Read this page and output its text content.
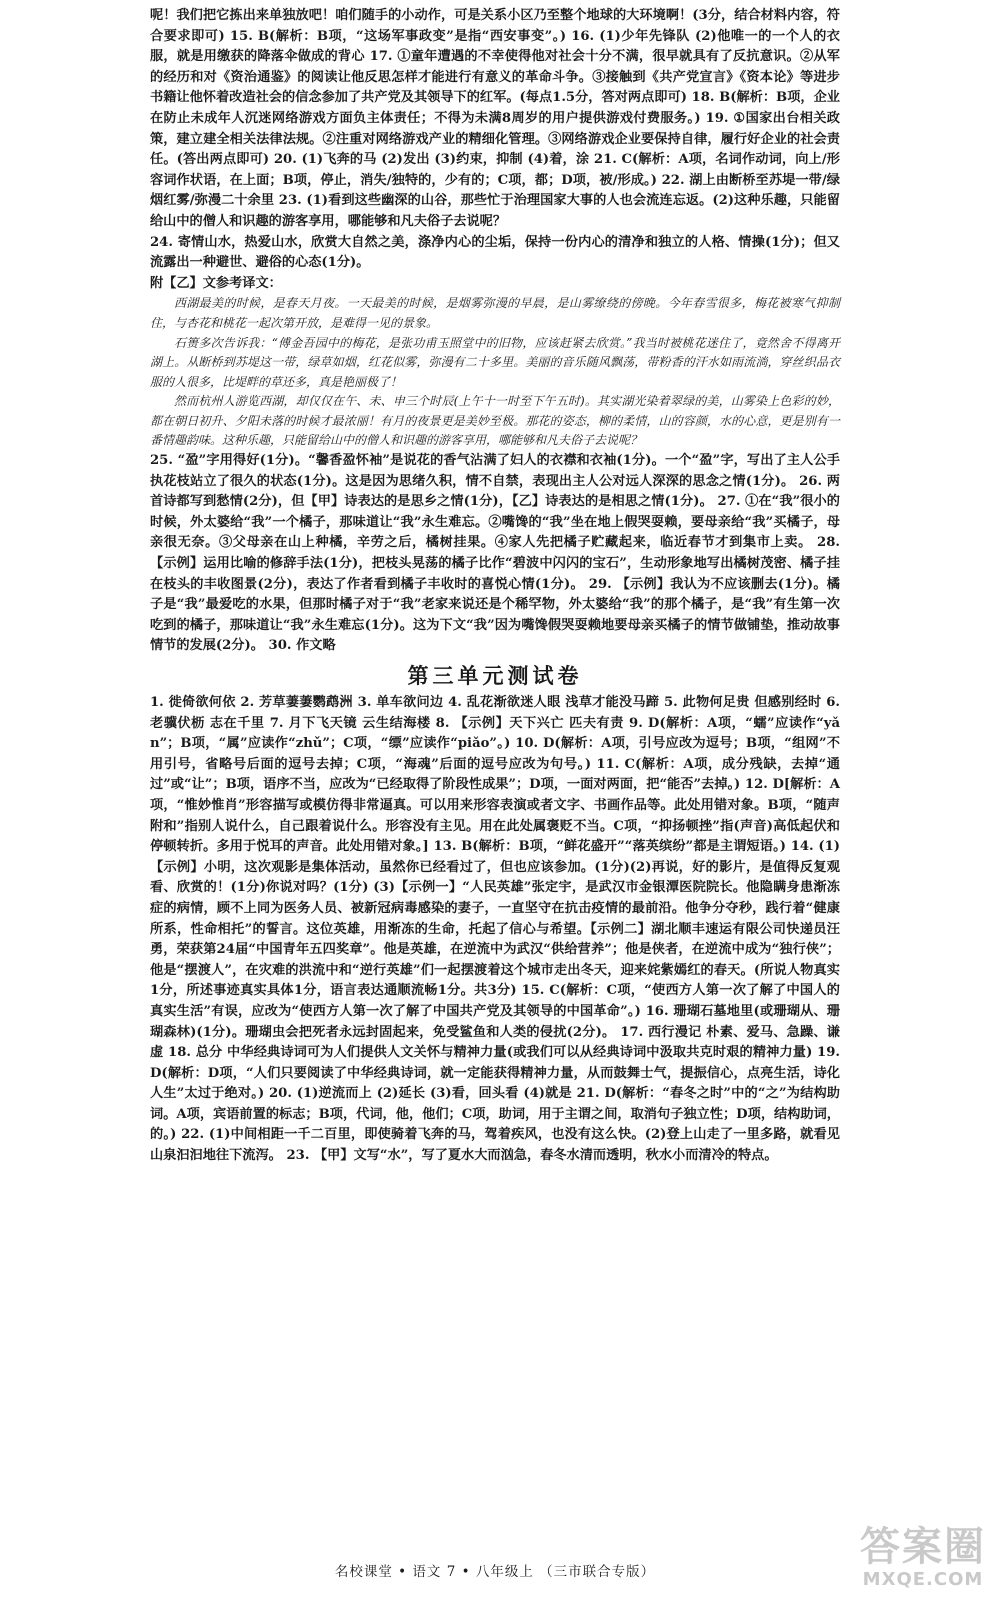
呢！我们把它拣出来单独放吧！咱们随手的小动作，可是关系小区乃至整个地球的大环境啊！(3分，结合材料内容，符合要求即可) 15. B(解析：B项，“这场军事政变”是指“西安事变”。) 16. (1)少年先锋队 (2)他唯一的一个人的衣服，就是用缴获的降落伞做成的背心 17. ①童年遭遇的不幸使得他对社会十分不满，很早就具有了反抗意识。②从军的经历和对《资治通鉴》的阅读让他反思怎样才能进行有意义的革命斗争。③接触到《共产党宣言》《资本论》等进步书籍让他怀着改造社会的信念参加了共产党及其领导下的红军。(每点1.5分，答对两点即可) 18. B(解析：B项，企业在防止未成年人沉迷网络游戏方面负主体责任；不得为未满8周岁的用户提供游戏付费服务。) 19. ①国家出台相关政策，建立建全相关法律法规。②注重对网络游戏产业的精细化管理。③网络游戏企业要保持自律，履行好企业的社会责任。(答出两点即可) 20. (1)飞奔的马 (2)发出 (3)约束，抑制 (4)着，涂 21. C(解析：A项，名词作动词，向上/形容词作状语，在上面；B项，停止，消失/独特的，少有的；C项，都；D项，被/形成。) 22. 湖上由断桥至苏堤一带/绿烟红雾/弥漫二十余里 23. (1)看到这些幽深的山谷，那些忙于治理国家大事的人也会流连忘返。(2)这种乐趣，只能留给山中的僧人和识趣的游客享用，哪能够和凡夫俗子去说呢？

24. 寄情山水，热爱山水，欣赏大自然之美，涤净内心的尘垢，保持一份内心的清净和独立的人格、情操(1分)；但又流露出一种避世、避俗的心态(1分)。

附【乙】文参考译文：

西湖最美的时候，是春天月夜。一天最美的时候，是烟雾弥漫的早晨，是山雾缭绕的傍晚。今年春雪很多，梅花被寒气抑制住，与杏花和桃花一起次第开放，是难得一见的景象。

石篑多次告诉我：“傅金吾园中的梅花，是张功甫玉照堂中的旧物，应该赶紧去欣赏。”我当时被桃花迷住了，竟然舍不得离开湖上。从断桥到苏堤这一带，绿草如烟，红花似雾，弥漫有二十多里。美丽的音乐随风飘荡，带粉香的汗水如雨流淌，穿丝织品衣服的人很多，比堤畔的草还多，真是艳丽极了！

然而杭州人游览西湖，却仅仅在午、未、申三个时辰(上午十一时至下午五时)。其实湖光染着翠绿的美，山雾染上色彩的妙，都在朝日初升、夕阳未落的时候才最浓丽！有月的夜景更是美妙至极。那花的姿态，柳的柔情，山的容颜，水的心意，更是别有一番情趣韵味。这种乐趣，只能留给山中的僧人和识趣的游客享用，哪能够和凡夫俗子去说呢？

25. “盈”字用得好(1分)。“馨香盈怀袖”是说花的香气沾满了妇人的衣襟和衣袖(1分)。一个“盈”字，写出了主人公手执花枝站立了很久的状态(1分)。这是因为思绪久积，情不自禁，表现出主人公对远人深深的思念之情(1分)。 26. 两首诗都写到愁情(2分)，但【甲】诗表达的是思乡之情(1分)，【乙】诗表达的是相思之情(1分)。 27. ①在“我”很小的时候，外太婆给“我”一个橘子，那味道让“我”永生难忘。②嘴馋的“我”坐在地上假哭耍赖，要母亲给“我”买橘子，母亲很无奈。③父母亲在山上种橘，辛劳之后，橘树挂果。④家人先把橘子贮藏起来，临近春节才到集市上卖。 28. 【示例】运用比喻的修辞手法(1分)，把枝头晃荡的橘子比作“碧波中闪闪的宝石”，生动形象地写出橘树茂密、橘子挂在枝头的丰收图景(2分)，表达了作者看到橘子丰收时的喜悦心情(1分)。 29. 【示例】我认为不应该删去(1分)。橘子是“我”最爱吃的水果，但那时橘子对于“我”老家来说还是个稀罕物，外太婆给“我”的那个橘子，是“我”有生第一次吃到的橘子，那味道让“我”永生难忘(1分)。这为下文“我”因为嘴馋假哭耍赖地要母亲买橘子的情节做铺垫，推动故事情节的发展(2分)。 30. 作文略

第三单元测试卷

1. 徙倚欲何依 2. 芳草萋萋鹦鹉洲 3. 单车欲问边 4. 乱花渐欲迷人眼 浅草才能没马蹄 5. 此物何足贵 但感别经时 6. 老骥伏枥 志在千里 7. 月下飞天镜 云生结海楼 8. 【示例】天下兴亡 匹夫有责 9. D(解析：A项，“蠕”应读作“yǎn”；B项，“属”应读作“zhǔ”；C项，“缥”应读作“piǎo”。) 10. D(解析：A项，引号应改为逗号；B项，“组网”不用引号，省略号后面的逗号去掉；C项，“海魂”后面的逗号应改为句号。) 11. C(解析：A项，成分残缺，去掉“通过”或“让”；B项，语序不当，应改为“已经取得了阶段性成果”；D项，一面对两面，把“能否”去掉。) 12. D[解析：A项，“惟妙惟肖”形容描写或模仿得非常逼真。可以用来形容表演或者文字、书画作品等。此处用错对象。B项，“随声附和”指别人说什么，自己跟着说什么。形容没有主见。用在此处属褒贬不当。C项，“抑扬顿挫”指(声音)高低起伏和停顿转折。多用于悦耳的声音。此处用错对象。] 13. B(解析：B项，“鲜花盛开”“落英缤纷”都是主谓短语。) 14. (1)【示例】小明，这次观影是集体活动，虽然你已经看过了，但也应该参加。(1分)(2)再说，好的影片，是值得反复观看、欣赏的！(1分)你说对吗？(1分) (3)【示例一】“人民英雄”张定宇，是武汉市金银潭医院院长。他隐瞒身患渐冻症的病情，顾不上同为医务人员、被新冠病毒感染的妻子，一直坚守在抗击疫情的最前沿。他争分夺秒，践行着“健康所系，性命相托”的誓言。这位英雄，用渐冻的生命，托起了信心与希望。【示例二】湖北顺丰速运有限公司快递员汪勇，荣获第24届“中国青年五四奖章”。他是英雄，在逆流中为武汉“供给营养”；他是侠者，在逆流中成为“独行侠”；他是“摆渡人”，在灾难的洪流中和“逆行英雄”们一起摆渡着这个城市走出冬天，迎来姹紫嫣红的春天。(所说人物真实1分，所述事迹真实具体1分，语言表达通顺流畅1分。共3分) 15. C(解析：C项，“使西方人第一次了解了中国人的真实生活”有误，应改为“使西方人第一次了解了中国共产党及其领导的中国革命”。) 16. 珊瑚石墓地里(或珊瑚从、珊瑚森林)(1分)。珊瑚虫会把死者永远封固起来，免受鲨鱼和人类的侵扰(2分)。 17. 西行漫记 朴素、爱马、急躁、谦虚 18. 总分 中华经典诗词可为人们提供人文关怀与精神力量(或我们可以从经典诗词中汲取共克时艰的精神力量) 19. D(解析：D项，“人们只要阅读了中华经典诗词，就一定能获得精神力量，从而鼓舞士气，提振信心，点亮生活，诗化人生”太过于绝对。) 20. (1)逆流而上 (2)延长 (3)看，回头看 (4)就是 21. D(解析：“春冬之时”中的“之”为结构助词。A项，宾语前置的标志；B项，代词，他，他们；C项，助词，用于主谓之间，取消句子独立性；D项，结构助词，的。) 22. (1)中间相距一千二百里，即使骑着飞奔的马，驾着疾风，也没有这么快。(2)登上山走了一里多路，就看见山泉汩汩地往下流泻。 23. 【甲】文写“水”，写了夏水大而汹急，春冬水清而透明，秋水小而清冷的特点。

名校课堂 • 语文 7 • 八年级上 （三市联合专版）
答案圈
MXQE.COM
